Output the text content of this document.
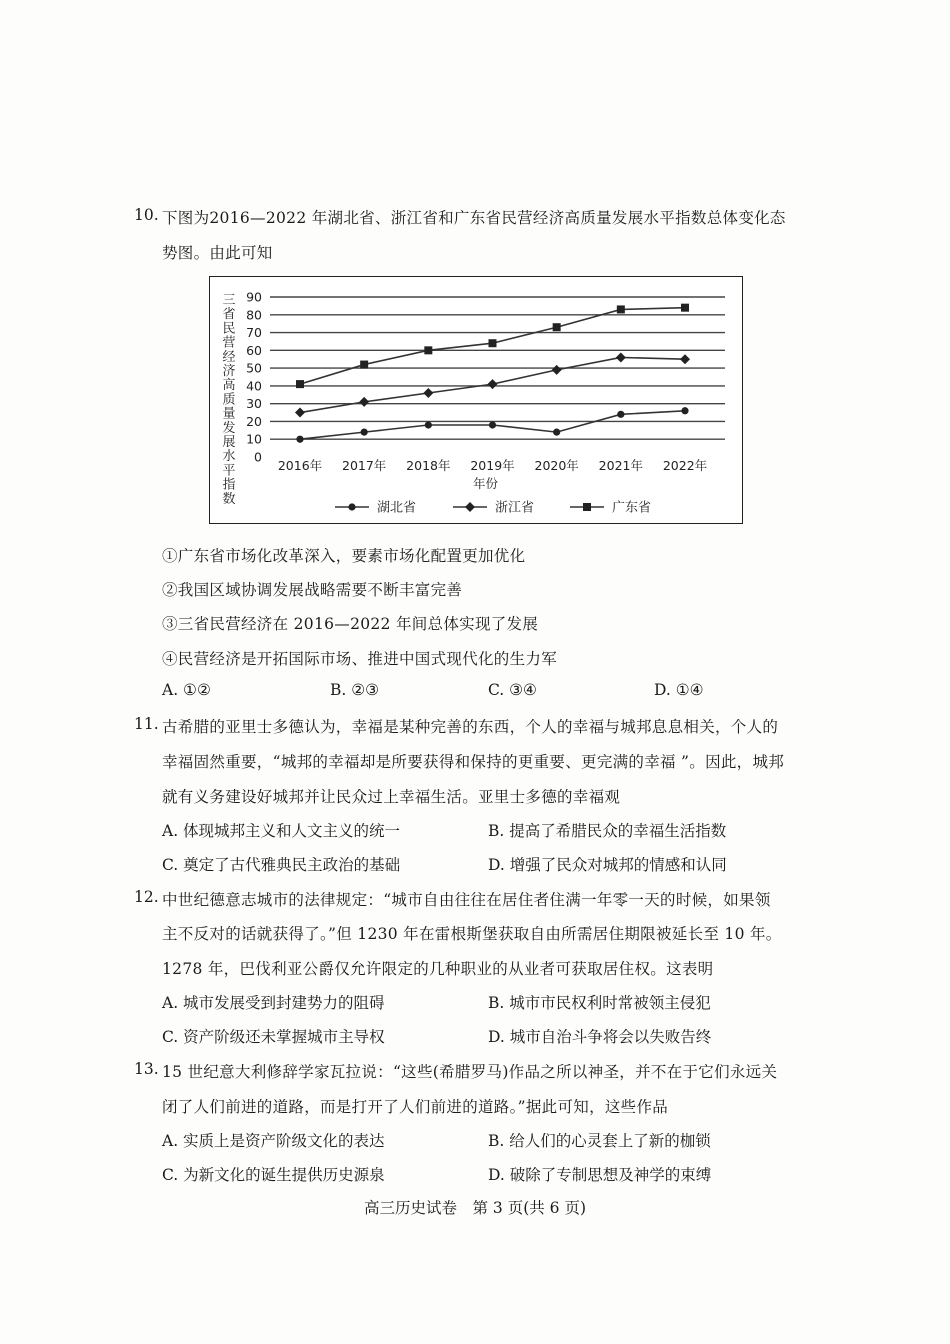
10. 下图为2016—2022 年湖北省、浙江省和广东省民营经济高质量发展水平指数总体变化态
势图。由此可知
三
省
民
营
经
济
高
质
量
发
展
水
平
指
数
0
10
20
30
40
50
60
70
80
90
2016年 2017年 2018年 2019年 2020年 2021年 2022年
年份
湖北省	浙江省	广东省
①广东省市场化改革深入，要素市场化配置更加优化
②我国区域协调发展战略需要不断丰富完善
③三省民营经济在 2016—2022 年间总体实现了发展
④民营经济是开拓国际市场、推进中国式现代化的生力军
A. ①②	B. ②③	C. ③④	D. ①④
11. 古希腊的亚里士多德认为，幸福是某种完善的东西，个人的幸福与城邦息息相关，个人的
幸福固然重要，“城邦的幸福却是所要获得和保持的更重要、更完满的幸福 ”。因此，城邦
就有义务建设好城邦并让民众过上幸福生活。亚里士多德的幸福观
A. 体现城邦主义和人文主义的统一	B. 提高了希腊民众的幸福生活指数
C. 奠定了古代雅典民主政治的基础	D. 增强了民众对城邦的情感和认同
12. 中世纪德意志城市的法律规定：“城市自由往往在居住者住满一年零一天的时候，如果领
主不反对的话就获得了。”但 1230 年在雷根斯堡获取自由所需居住期限被延长至 10 年。
1278 年，巴伐利亚公爵仅允许限定的几种职业的从业者可获取居住权。这表明
A. 城市发展受到封建势力的阻碍	B. 城市市民权利时常被领主侵犯
C. 资产阶级还未掌握城市主导权	D. 城市自治斗争将会以失败告终
13. 15 世纪意大利修辞学家瓦拉说：“这些(希腊罗马)作品之所以神圣，并不在于它们永远关
闭了人们前进的道路，而是打开了人们前进的道路。”据此可知，这些作品
A. 实质上是资产阶级文化的表达	B. 给人们的心灵套上了新的枷锁
C. 为新文化的诞生提供历史源泉	D. 破除了专制思想及神学的束缚
高三历史试卷　第 3 页(共 6 页)
